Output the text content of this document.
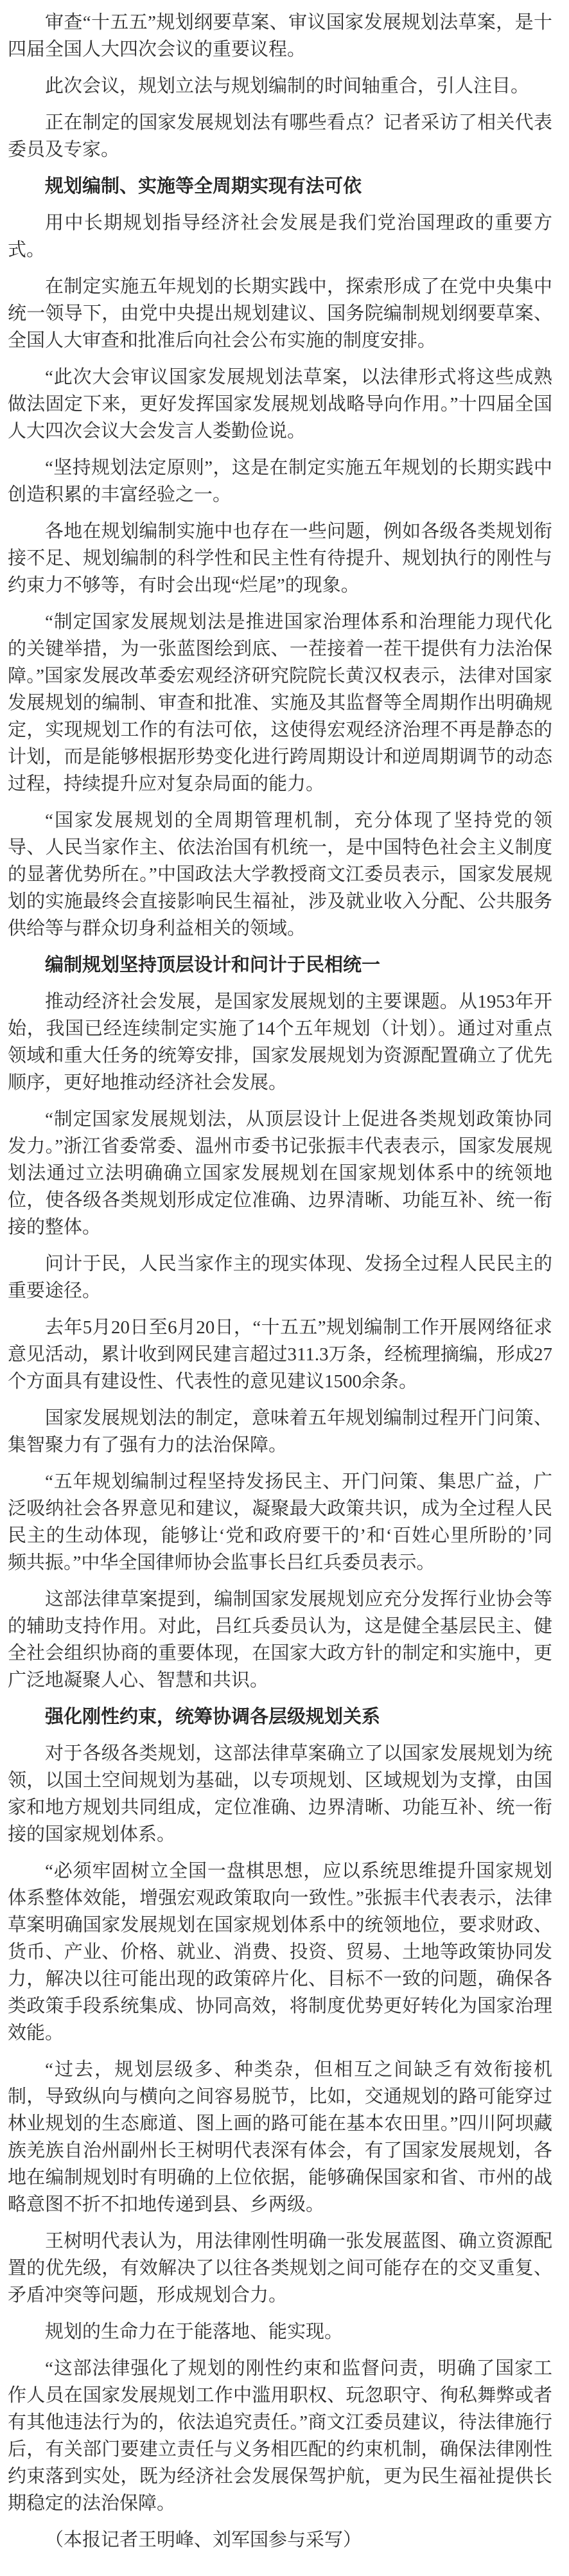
审查“十五五”规划纲要草案、审议国家发展规划法草案，是十四届全国人大四次会议的重要议程。

此次会议，规划立法与规划编制的时间轴重合，引人注目。

正在制定的国家发展规划法有哪些看点？记者采访了相关代表委员及专家。

规划编制、实施等全周期实现有法可依

用中长期规划指导经济社会发展是我们党治国理政的重要方式。

在制定实施五年规划的长期实践中，探索形成了在党中央集中统一领导下，由党中央提出规划建议、国务院编制规划纲要草案、全国人大审查和批准后向社会公布实施的制度安排。

“此次大会审议国家发展规划法草案，以法律形式将这些成熟做法固定下来，更好发挥国家发展规划战略导向作用。”十四届全国人大四次会议大会发言人娄勤俭说。

“坚持规划法定原则”，这是在制定实施五年规划的长期实践中创造积累的丰富经验之一。

各地在规划编制实施中也存在一些问题，例如各级各类规划衔接不足、规划编制的科学性和民主性有待提升、规划执行的刚性与约束力不够等，有时会出现“烂尾”的现象。

“制定国家发展规划法是推进国家治理体系和治理能力现代化的关键举措，为一张蓝图绘到底、一茬接着一茬干提供有力法治保障。”国家发展改革委宏观经济研究院院长黄汉权表示，法律对国家发展规划的编制、审查和批准、实施及其监督等全周期作出明确规定，实现规划工作的有法可依，这使得宏观经济治理不再是静态的计划，而是能够根据形势变化进行跨周期设计和逆周期调节的动态过程，持续提升应对复杂局面的能力。

“国家发展规划的全周期管理机制，充分体现了坚持党的领导、人民当家作主、依法治国有机统一，是中国特色社会主义制度的显著优势所在。”中国政法大学教授商文江委员表示，国家发展规划的实施最终会直接影响民生福祉，涉及就业收入分配、公共服务供给等与群众切身利益相关的领域。

编制规划坚持顶层设计和问计于民相统一

推动经济社会发展，是国家发展规划的主要课题。从1953年开始，我国已经连续制定实施了14个五年规划（计划）。通过对重点领域和重大任务的统筹安排，国家发展规划为资源配置确立了优先顺序，更好地推动经济社会发展。

“制定国家发展规划法，从顶层设计上促进各类规划政策协同发力。”浙江省委常委、温州市委书记张振丰代表表示，国家发展规划法通过立法明确确立国家发展规划在国家规划体系中的统领地位，使各级各类规划形成定位准确、边界清晰、功能互补、统一衔接的整体。

问计于民，人民当家作主的现实体现、发扬全过程人民民主的重要途径。

去年5月20日至6月20日，“十五五”规划编制工作开展网络征求意见活动，累计收到网民建言超过311.3万条，经梳理摘编，形成27个方面具有建设性、代表性的意见建议1500余条。

国家发展规划法的制定，意味着五年规划编制过程开门问策、集智聚力有了强有力的法治保障。

“五年规划编制过程坚持发扬民主、开门问策、集思广益，广泛吸纳社会各界意见和建议，凝聚最大政策共识，成为全过程人民民主的生动体现，能够让‘党和政府要干的’和‘百姓心里所盼的’同频共振。”中华全国律师协会监事长吕红兵委员表示。

这部法律草案提到，编制国家发展规划应充分发挥行业协会等的辅助支持作用。对此，吕红兵委员认为，这是健全基层民主、健全社会组织协商的重要体现，在国家大政方针的制定和实施中，更广泛地凝聚人心、智慧和共识。

强化刚性约束，统筹协调各层级规划关系

对于各级各类规划，这部法律草案确立了以国家发展规划为统领，以国土空间规划为基础，以专项规划、区域规划为支撑，由国家和地方规划共同组成，定位准确、边界清晰、功能互补、统一衔接的国家规划体系。

“必须牢固树立全国一盘棋思想，应以系统思维提升国家规划体系整体效能，增强宏观政策取向一致性。”张振丰代表表示，法律草案明确国家发展规划在国家规划体系中的统领地位，要求财政、货币、产业、价格、就业、消费、投资、贸易、土地等政策协同发力，解决以往可能出现的政策碎片化、目标不一致的问题，确保各类政策手段系统集成、协同高效，将制度优势更好转化为国家治理效能。

“过去，规划层级多、种类杂，但相互之间缺乏有效衔接机制，导致纵向与横向之间容易脱节，比如，交通规划的路可能穿过林业规划的生态廊道、图上画的路可能在基本农田里。”四川阿坝藏族羌族自治州副州长王树明代表深有体会，有了国家发展规划，各地在编制规划时有明确的上位依据，能够确保国家和省、市州的战略意图不折不扣地传递到县、乡两级。

王树明代表认为，用法律刚性明确一张发展蓝图、确立资源配置的优先级，有效解决了以往各类规划之间可能存在的交叉重复、矛盾冲突等问题，形成规划合力。

规划的生命力在于能落地、能实现。

“这部法律强化了规划的刚性约束和监督问责，明确了国家工作人员在国家发展规划工作中滥用职权、玩忽职守、徇私舞弊或者有其他违法行为的，依法追究责任。”商文江委员建议，待法律施行后，有关部门要建立责任与义务相匹配的约束机制，确保法律刚性约束落到实处，既为经济社会发展保驾护航，更为民生福祉提供长期稳定的法治保障。

（本报记者王明峰、刘军国参与采写）
